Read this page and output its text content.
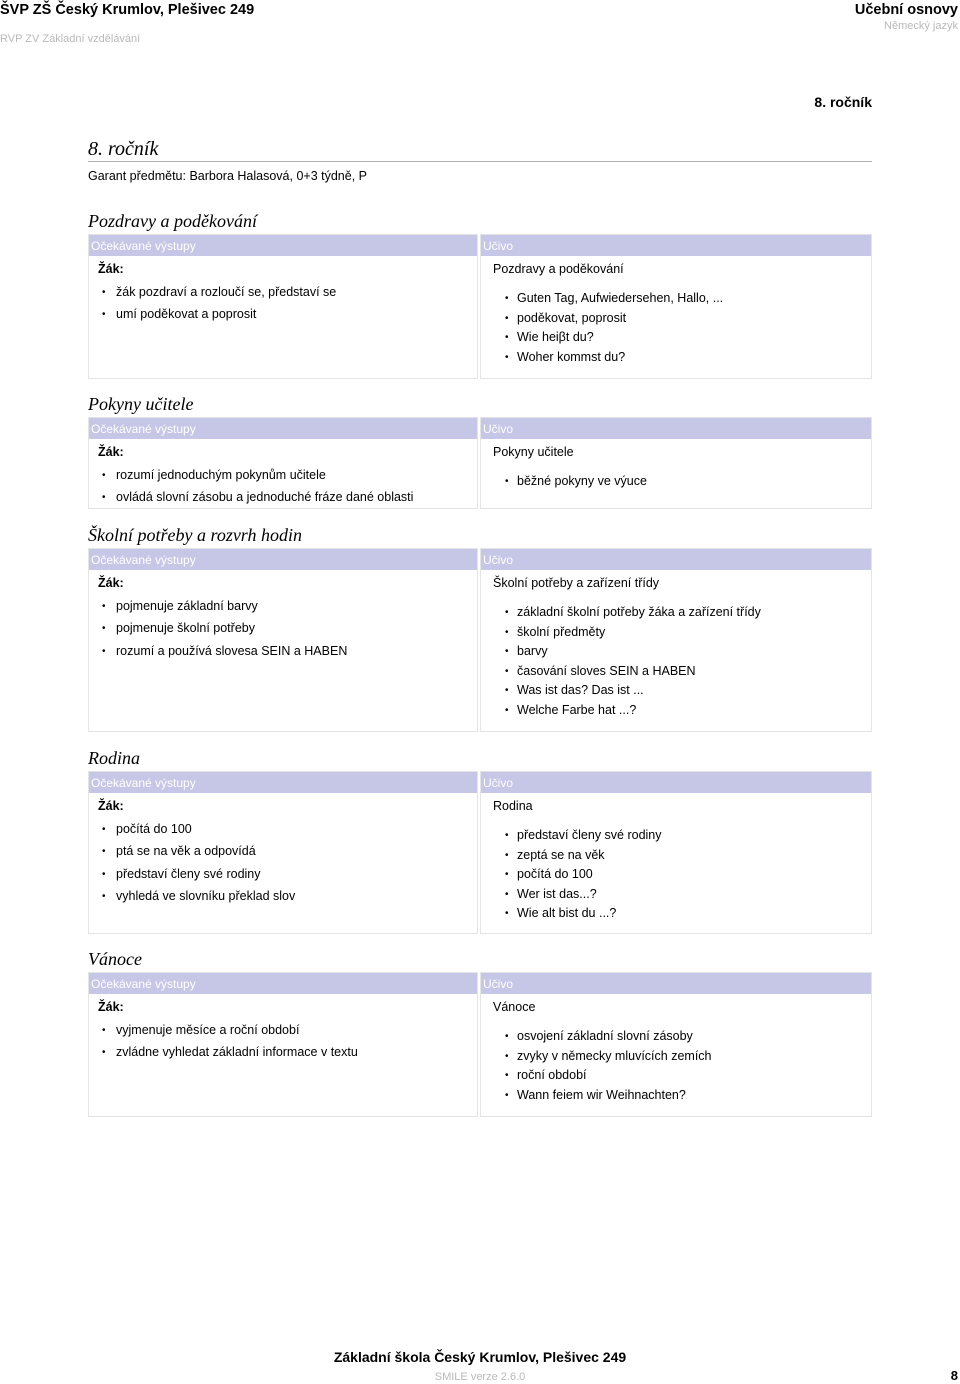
ŠVP ZŠ Český Krumlov, Plešivec 249
RVP ZV Základní vzdělávání
Učební osnovy
Německý jazyk
8. ročník
8. ročník
Garant předmětu: Barbora Halasová, 0+3 týdně, P
Pozdravy a poděkování
Očekávané výstupy
Žák:
• žák pozdraví a rozloučí se, představí se
• umí poděkovat a poprosit
Učivo
Pozdravy a poděkování
• Guten Tag, Aufwiedersehen, Hallo, ...
• poděkovat, poprosit
• Wie heiβt du?
• Woher kommst du?
Pokyny učitele
Očekávané výstupy
Žák:
• rozumí jednoduchým pokynům učitele
• ovládá slovní zásobu a jednoduché fráze dané oblasti
Učivo
Pokyny učitele
• běžné pokyny ve výuce
Školní potřeby a rozvrh hodin
Očekávané výstupy
Žák:
• pojmenuje základní barvy
• pojmenuje školní potřeby
• rozumí a používá slovesa SEIN a HABEN
Učivo
Školní potřeby a zařízení třídy
• základní školní potřeby žáka a zařízení třídy
• školní předměty
• barvy
• časování sloves SEIN a HABEN
• Was ist das? Das ist ...
• Welche Farbe hat ...?
Rodina
Očekávané výstupy
Žák:
• počítá do 100
• ptá se na věk a odpovídá
• představí členy své rodiny
• vyhledá ve slovníku překlad slov
Učivo
Rodina
• představí členy své rodiny
• zeptá se na věk
• počítá do 100
• Wer ist das...?
• Wie alt bist du ...?
Vánoce
Očekávané výstupy
Žák:
• vyjmenuje měsíce a roční období
• zvládne vyhledat základní informace v textu
Učivo
Vánoce
• osvojení základní slovní zásoby
• zvyky v německy mluvících zemích
• roční období
• Wann feiem wir Weihnachten?
Základní škola Český Krumlov, Plešivec 249
SMILE verze 2.6.0	8
